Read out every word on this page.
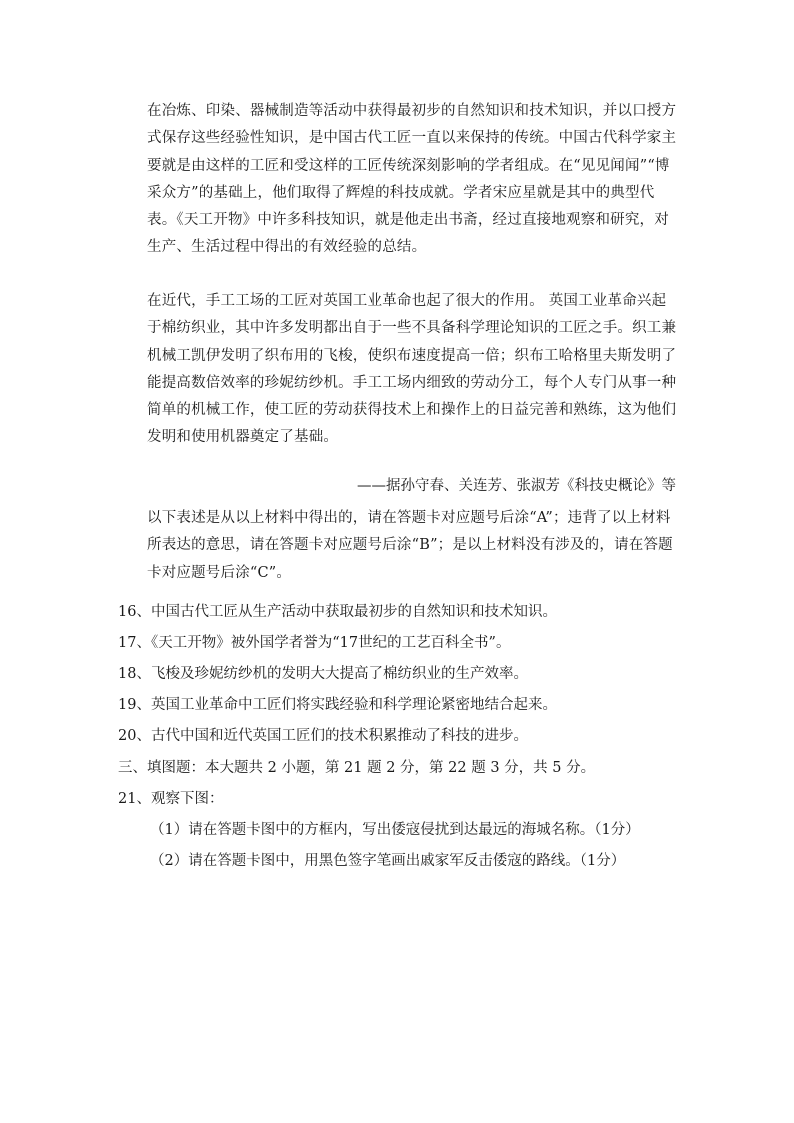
在冶炼、印染、器械制造等活动中获得最初步的自然知识和技术知识，并以口授方式保存这些经验性知识，是中国古代工匠一直以来保持的传统。中国古代科学家主要就是由这样的工匠和受这样的工匠传统深刻影响的学者组成。在“见见闻闻”“博采众方”的基础上，他们取得了辉煌的科技成就。学者宋应星就是其中的典型代表。《天工开物》中许多科技知识，就是他走出书斋，经过直接地观察和研究，对生产、生活过程中得出的有效经验的总结。

在近代，手工工场的工匠对英国工业革命也起了很大的作用。 英国工业革命兴起于棉纺织业，其中许多发明都出自于一些不具备科学理论知识的工匠之手。织工兼机械工凯伊发明了织布用的飞梭，使织布速度提高一倍；织布工哈格里夫斯发明了能提高数倍效率的珍妮纺纱机。手工工场内细致的劳动分工，每个人专门从事一种简单的机械工作，使工匠的劳动获得技术上和操作上的日益完善和熟练，这为他们发明和使用机器奠定了基础。

——据孙守春、关连芳、张淑芳《科技史概论》等

以下表述是从以上材料中得出的，请在答题卡对应题号后涂“A”；违背了以上材料所表达的意思，请在答题卡对应题号后涂“B”；是以上材料没有涉及的，请在答题卡对应题号后涂“C”。

16、中国古代工匠从生产活动中获取最初步的自然知识和技术知识。

17、《天工开物》被外国学者誉为“17世纪的工艺百科全书”。

18、飞梭及珍妮纺纱机的发明大大提高了棉纺织业的生产效率。

19、英国工业革命中工匠们将实践经验和科学理论紧密地结合起来。

20、古代中国和近代英国工匠们的技术积累推动了科技的进步。

三、填图题：本大题共 2 小题，第 21 题 2 分，第 22 题 3 分，共 5 分。

21、观察下图：

（1）请在答题卡图中的方框内，写出倭寇侵扰到达最远的海城名称。（1分）

（2）请在答题卡图中，用黑色签字笔画出戚家军反击倭寇的路线。（1分）
